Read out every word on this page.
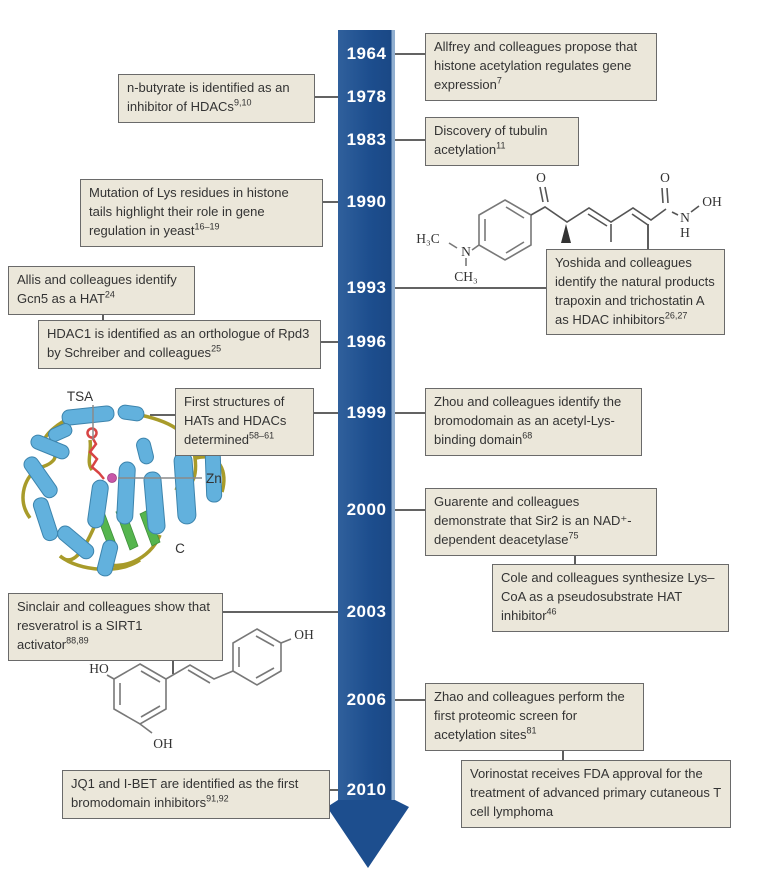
O	O
OH
N
H
H₃C
N
CH₃
TSA
Zn
C
HO
OH
OH
1964
1978
1983
1990
1993
1996
1999
2000
2003
2006
2010
Allfrey and colleagues propose that histone acetylation regulates gene expression$^7$
n-butyrate is identified as an inhibitor of HDACs$^{9,10}$
Discovery of tubulin acetylation$^{11}$
Mutation of Lys residues in histone tails highlight their role in gene regulation in yeast$^{16-19}$
Allis and colleagues identify Gcn5 as a HAT$^{24}$
HDAC1 is identified as an orthologue of Rpd3 by Schreiber and colleagues$^{25}$
Yoshida and colleagues identify the natural products trapoxin and trichostatin A as HDAC inhibitors$^{26,27}$
First structures of HATs and HDACs determined$^{58-61}$
Zhou and colleagues identify the bromodomain as an acetyl-Lys-binding domain$^{68}$
Guarente and colleagues demonstrate that Sir2 is an NAD⁺-dependent deacetylase$^{75}$
Cole and colleagues synthesize Lys–CoA as a pseudosubstrate HAT inhibitor$^{46}$
Sinclair and colleagues show that resveratrol is a SIRT1 activator$^{88,89}$
Zhao and colleagues perform the first proteomic screen for acetylation sites$^{81}$
Vorinostat receives FDA approval for the treatment of advanced primary cutaneous T cell lymphoma
JQ1 and I-BET are identified as the first bromodomain inhibitors$^{91,92}$
